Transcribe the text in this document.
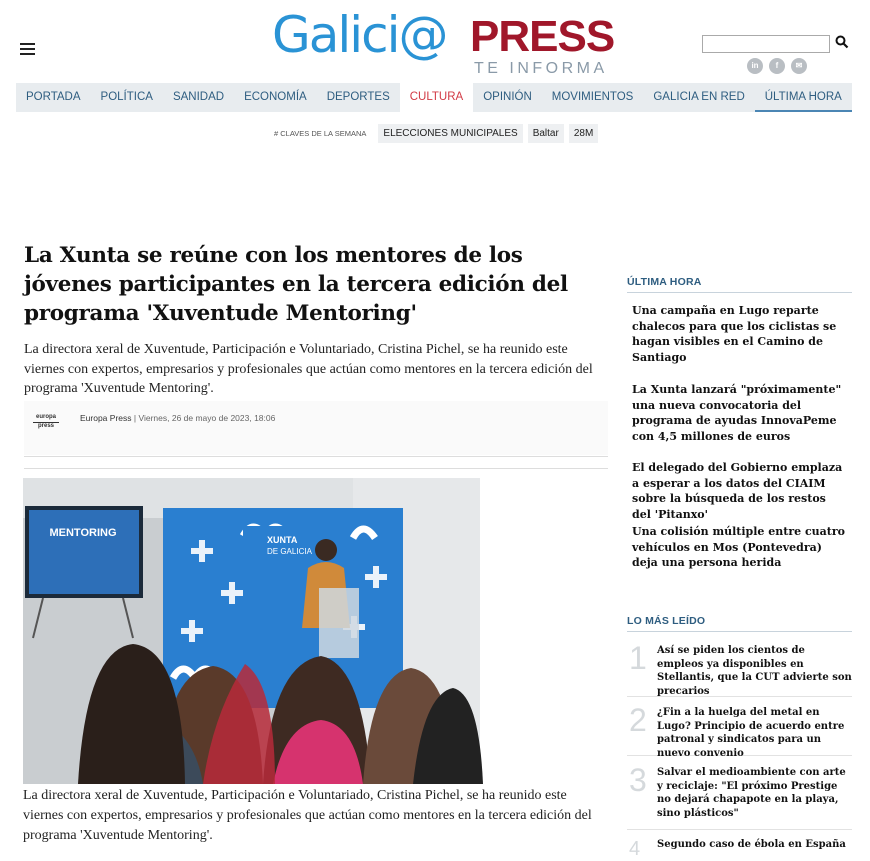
Galici@ PRESS
TE INFORMA	in	f	✉
PORTADA	POLÍTICA	SANIDAD	ECONOMÍA	DEPORTES	CULTURA	OPINIÓN	MOVIMIENTOS	GALICIA EN RED	ÚLTIMA HORA
# CLAVES DE LA SEMANA	ELECCIONES MUNICIPALES	Baltar	28M
La Xunta se reúne con los mentores de los jóvenes participantes en la tercera edición del programa 'Xuventude Mentoring'

La directora xeral de Xuventude, Participación e Voluntariado, Cristina Pichel, se ha reunido este viernes con expertos, empresarios y profesionales que actúan como mentores en la tercera edición del programa 'Xuventude Mentoring'.

europa
press
Europa Press | Viernes, 26 de mayo de 2023, 18:06
XUNTA
DE GALICIA
MENTORING

La directora xeral de Xuventude, Participación e Voluntariado, Cristina Pichel, se ha reunido este viernes con expertos, empresarios y profesionales que actúan como mentores en la tercera edición del programa 'Xuventude Mentoring'.

ÚLTIMA HORA
Una campaña en Lugo reparte chalecos para que los ciclistas se hagan visibles en el Camino de Santiago
La Xunta lanzará "próximamente" una nueva convocatoria del programa de ayudas InnovaPeme con 4,5 millones de euros
El delegado del Gobierno emplaza a esperar a los datos del CIAIM sobre la búsqueda de los restos del 'Pitanxo'
Una colisión múltiple entre cuatro vehículos en Mos (Pontevedra) deja una persona herida
LO MÁS LEÍDO
1 Así se piden los cientos de empleos ya disponibles en Stellantis, que la CUT advierte son precarios
2 ¿Fin a la huelga del metal en Lugo? Principio de acuerdo entre patronal y sindicatos para un nuevo convenio
3 Salvar el medioambiente con arte y reciclaje: "El próximo Prestige no dejará chapapote en la playa, sino plásticos"
4 Segundo caso de ébola en España
